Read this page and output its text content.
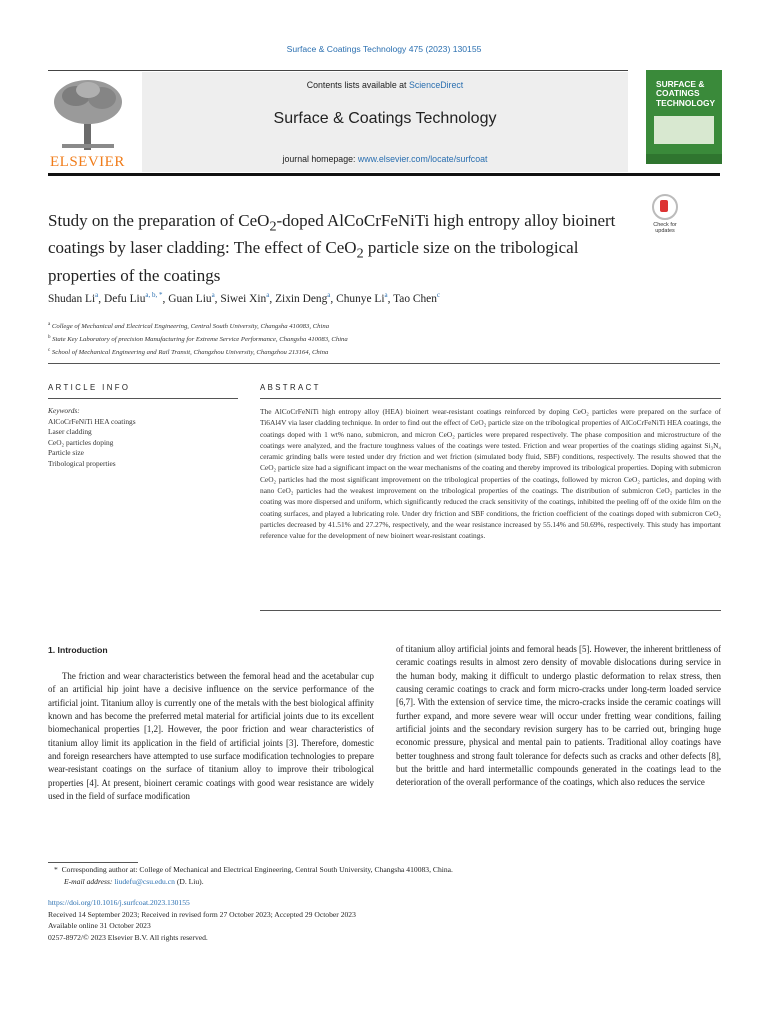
Surface & Coatings Technology 475 (2023) 130155
ELSEVIER
Contents lists available at ScienceDirect
Surface & Coatings Technology
journal homepage: www.elsevier.com/locate/surfcoat
SURFACE &
COATINGS
TECHNOLOGY
Study on the preparation of CeO$_2$-doped AlCoCrFeNiTi high entropy alloy bioinert coatings by laser cladding: The effect of CeO$_2$ particle size on the tribological properties of the coatings
Check for
updates
Shudan Li$^a$, Defu Liu$^{a, b, *}$, Guan Liu$^a$, Siwei Xin$^a$, Zixin Deng$^a$, Chunye Li$^a$, Tao Chen$^c$
$^a$ College of Mechanical and Electrical Engineering, Central South University, Changsha 410083, China
$^b$ State Key Laboratory of precision Manufacturing for Extreme Service Performance, Changsha 410083, China
$^c$ School of Mechanical Engineering and Rail Transit, Changzhou University, Changzhou 213164, China
ARTICLE INFO	ABSTRACT
Keywords:
AlCoCrFeNiTi HEA coatings
Laser cladding
CeO₂ particles doping
Particle size
Tribological properties
The AlCoCrFeNiTi high entropy alloy (HEA) bioinert wear-resistant coatings reinforced by doping CeO₂ particles were prepared on the surface of Ti6Al4V via laser cladding technique. In order to find out the effect of CeO₂ particle size on the tribological properties of AlCoCrFeNiTi HEA coatings, the coatings doped with 1 wt% nano, submicron, and micron CeO₂ particles were prepared respectively. The phase composition and microstructure of the coatings were analyzed, and the fracture toughness values of the coatings were tested. Friction and wear properties of the coatings sliding against Si₃N₄ ceramic grinding balls were tested under dry friction and wet friction (simulated body fluid, SBF) conditions, respectively. The results showed that the CeO₂ particle size had a significant impact on the wear mechanisms of the coating and thereby improved its tribological properties. Doping with submicron CeO₂ particles had the most significant improvement on the tribological properties of the coatings, followed by micron CeO₂ particles, and doping with nano CeO₂ particles had the weakest improvement on the tribological properties of the coatings. The distribution of submicron CeO₂ particles in the coating was more dispersed and uniform, which significantly reduced the crack sensitivity of the coatings, inhibited the peeling off of the oxide film on the coating surfaces, and played a lubricating role. Under dry friction and SBF conditions, the friction coefficient of the coatings doped with submicron CeO₂ particles decreased by 41.51% and 27.27%, respectively, and the wear resistance increased by 55.14% and 50.69%, respectively. This study has important reference value for the development of new bioinert wear-resistant coatings.
1. Introduction

The friction and wear characteristics between the femoral head and the acetabular cup of an artificial hip joint have a decisive influence on the service performance of the artificial joint. Titanium alloy is currently one of the metals with the best biological affinity known and has become the preferred metal material for artificial joints due to its excellent biomechanical properties [1,2]. However, the poor friction and wear characteristics of titanium alloy limit its application in the field of artificial joints [3]. Therefore, domestic and foreign researchers have attempted to use surface modification technologies to prepare wear-resistant coatings on the surface of titanium alloy to improve their tribological properties [4]. At present, bioinert ceramic coatings with good wear resistance are widely used in the field of surface modification

of titanium alloy artificial joints and femoral heads [5]. However, the inherent brittleness of ceramic coatings results in almost zero density of movable dislocations during service in the human body, making it difficult to undergo plastic deformation to relax stress, then causing ceramic coatings to crack and form micro-cracks under long-term loaded service [6,7]. With the extension of service time, the micro-cracks inside the ceramic coatings will further expand, and more severe wear will occur under fretting wear conditions, failing artificial joints and the secondary revision surgery has to be carried out, bringing huge economic pressure, physical and mental pain to patients. Traditional alloy coatings have better toughness and strong fault tolerance for defects such as cracks and other defects [8], but the brittle and hard intermetallic compounds generated in the coatings lead to the deterioration of the overall performance of the coatings, which also reduces the service

* Corresponding author at: College of Mechanical and Electrical Engineering, Central South University, Changsha 410083, China.
E-mail address: liudefu@csu.edu.cn (D. Liu).
https://doi.org/10.1016/j.surfcoat.2023.130155
Received 14 September 2023; Received in revised form 27 October 2023; Accepted 29 October 2023
Available online 31 October 2023
0257-8972/© 2023 Elsevier B.V. All rights reserved.
